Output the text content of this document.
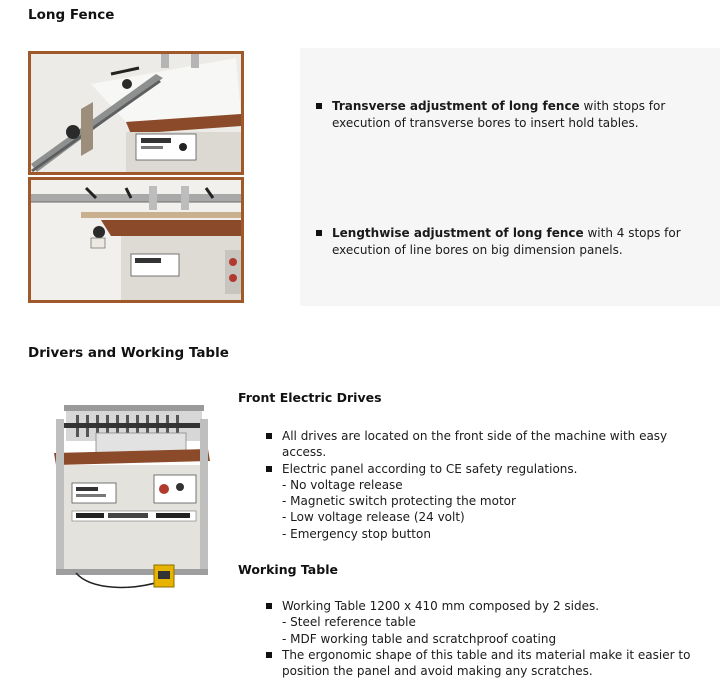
Long Fence
Transverse adjustment of long fence with stops for
execution of transverse bores to insert hold tables.
Lengthwise adjustment of long fence with 4 stops for
execution of line bores on big dimension panels.
Drivers and Working Table
Front Electric Drives
All drives are located on the front side of the machine with easy
access.
Electric panel according to CE safety regulations.
- No voltage release
- Magnetic switch protecting the motor
- Low voltage release (24 volt)
- Emergency stop button
Working Table
Working Table 1200 x 410 mm composed by 2 sides.
- Steel reference table
- MDF working table and scratchproof coating
The ergonomic shape of this table and its material make it easier to
position the panel and avoid making any scratches.
